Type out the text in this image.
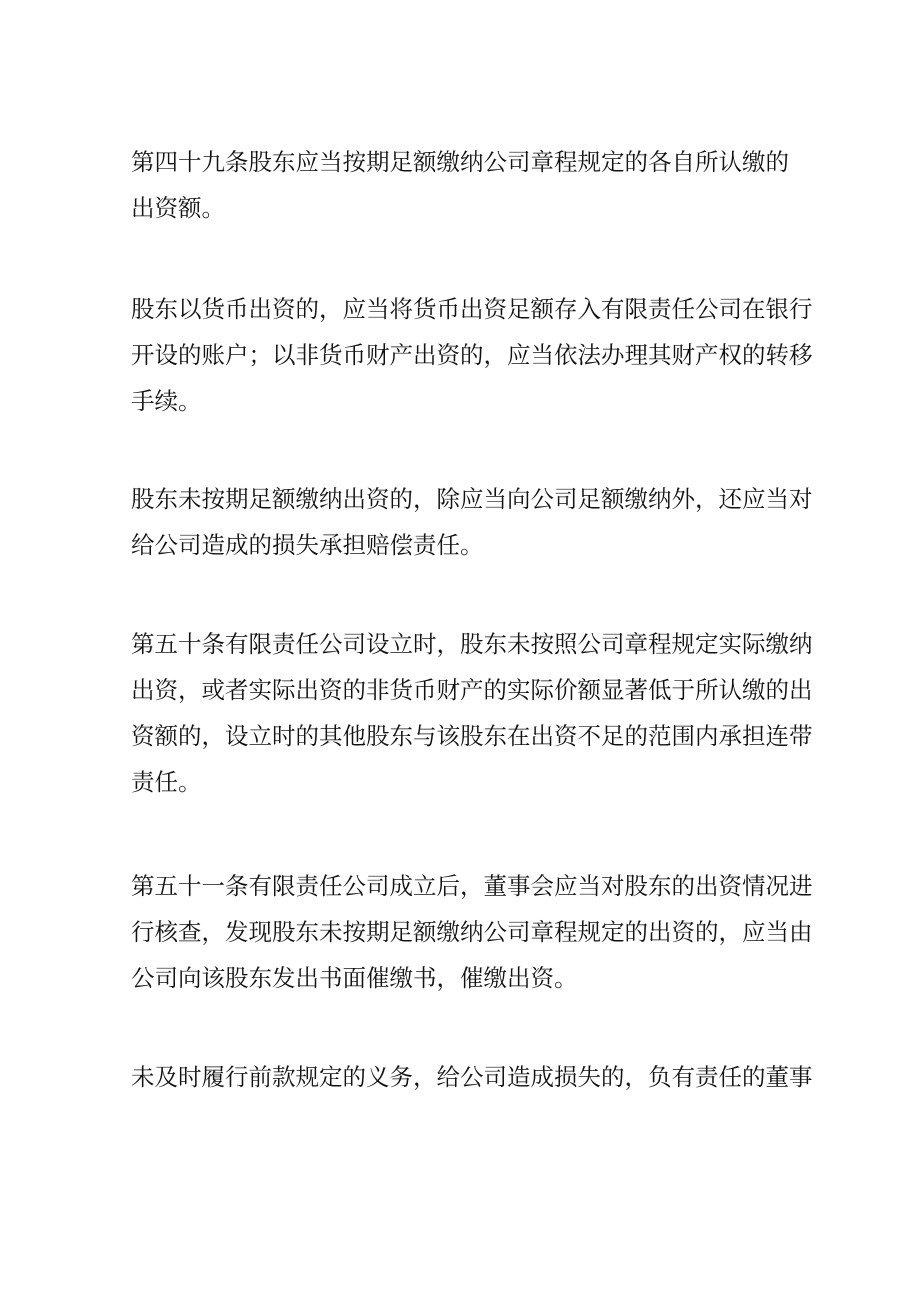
第四十九条股东应当按期足额缴纳公司章程规定的各自所认缴的
出资额。

股东以货币出资的，应当将货币出资足额存入有限责任公司在银行
开设的账户；以非货币财产出资的，应当依法办理其财产权的转移
手续。

股东未按期足额缴纳出资的，除应当向公司足额缴纳外，还应当对
给公司造成的损失承担赔偿责任。

第五十条有限责任公司设立时，股东未按照公司章程规定实际缴纳
出资，或者实际出资的非货币财产的实际价额显著低于所认缴的出
资额的，设立时的其他股东与该股东在出资不足的范围内承担连带
责任。

第五十一条有限责任公司成立后，董事会应当对股东的出资情况进
行核查，发现股东未按期足额缴纳公司章程规定的出资的，应当由
公司向该股东发出书面催缴书，催缴出资。

未及时履行前款规定的义务，给公司造成损失的，负有责任的董事
